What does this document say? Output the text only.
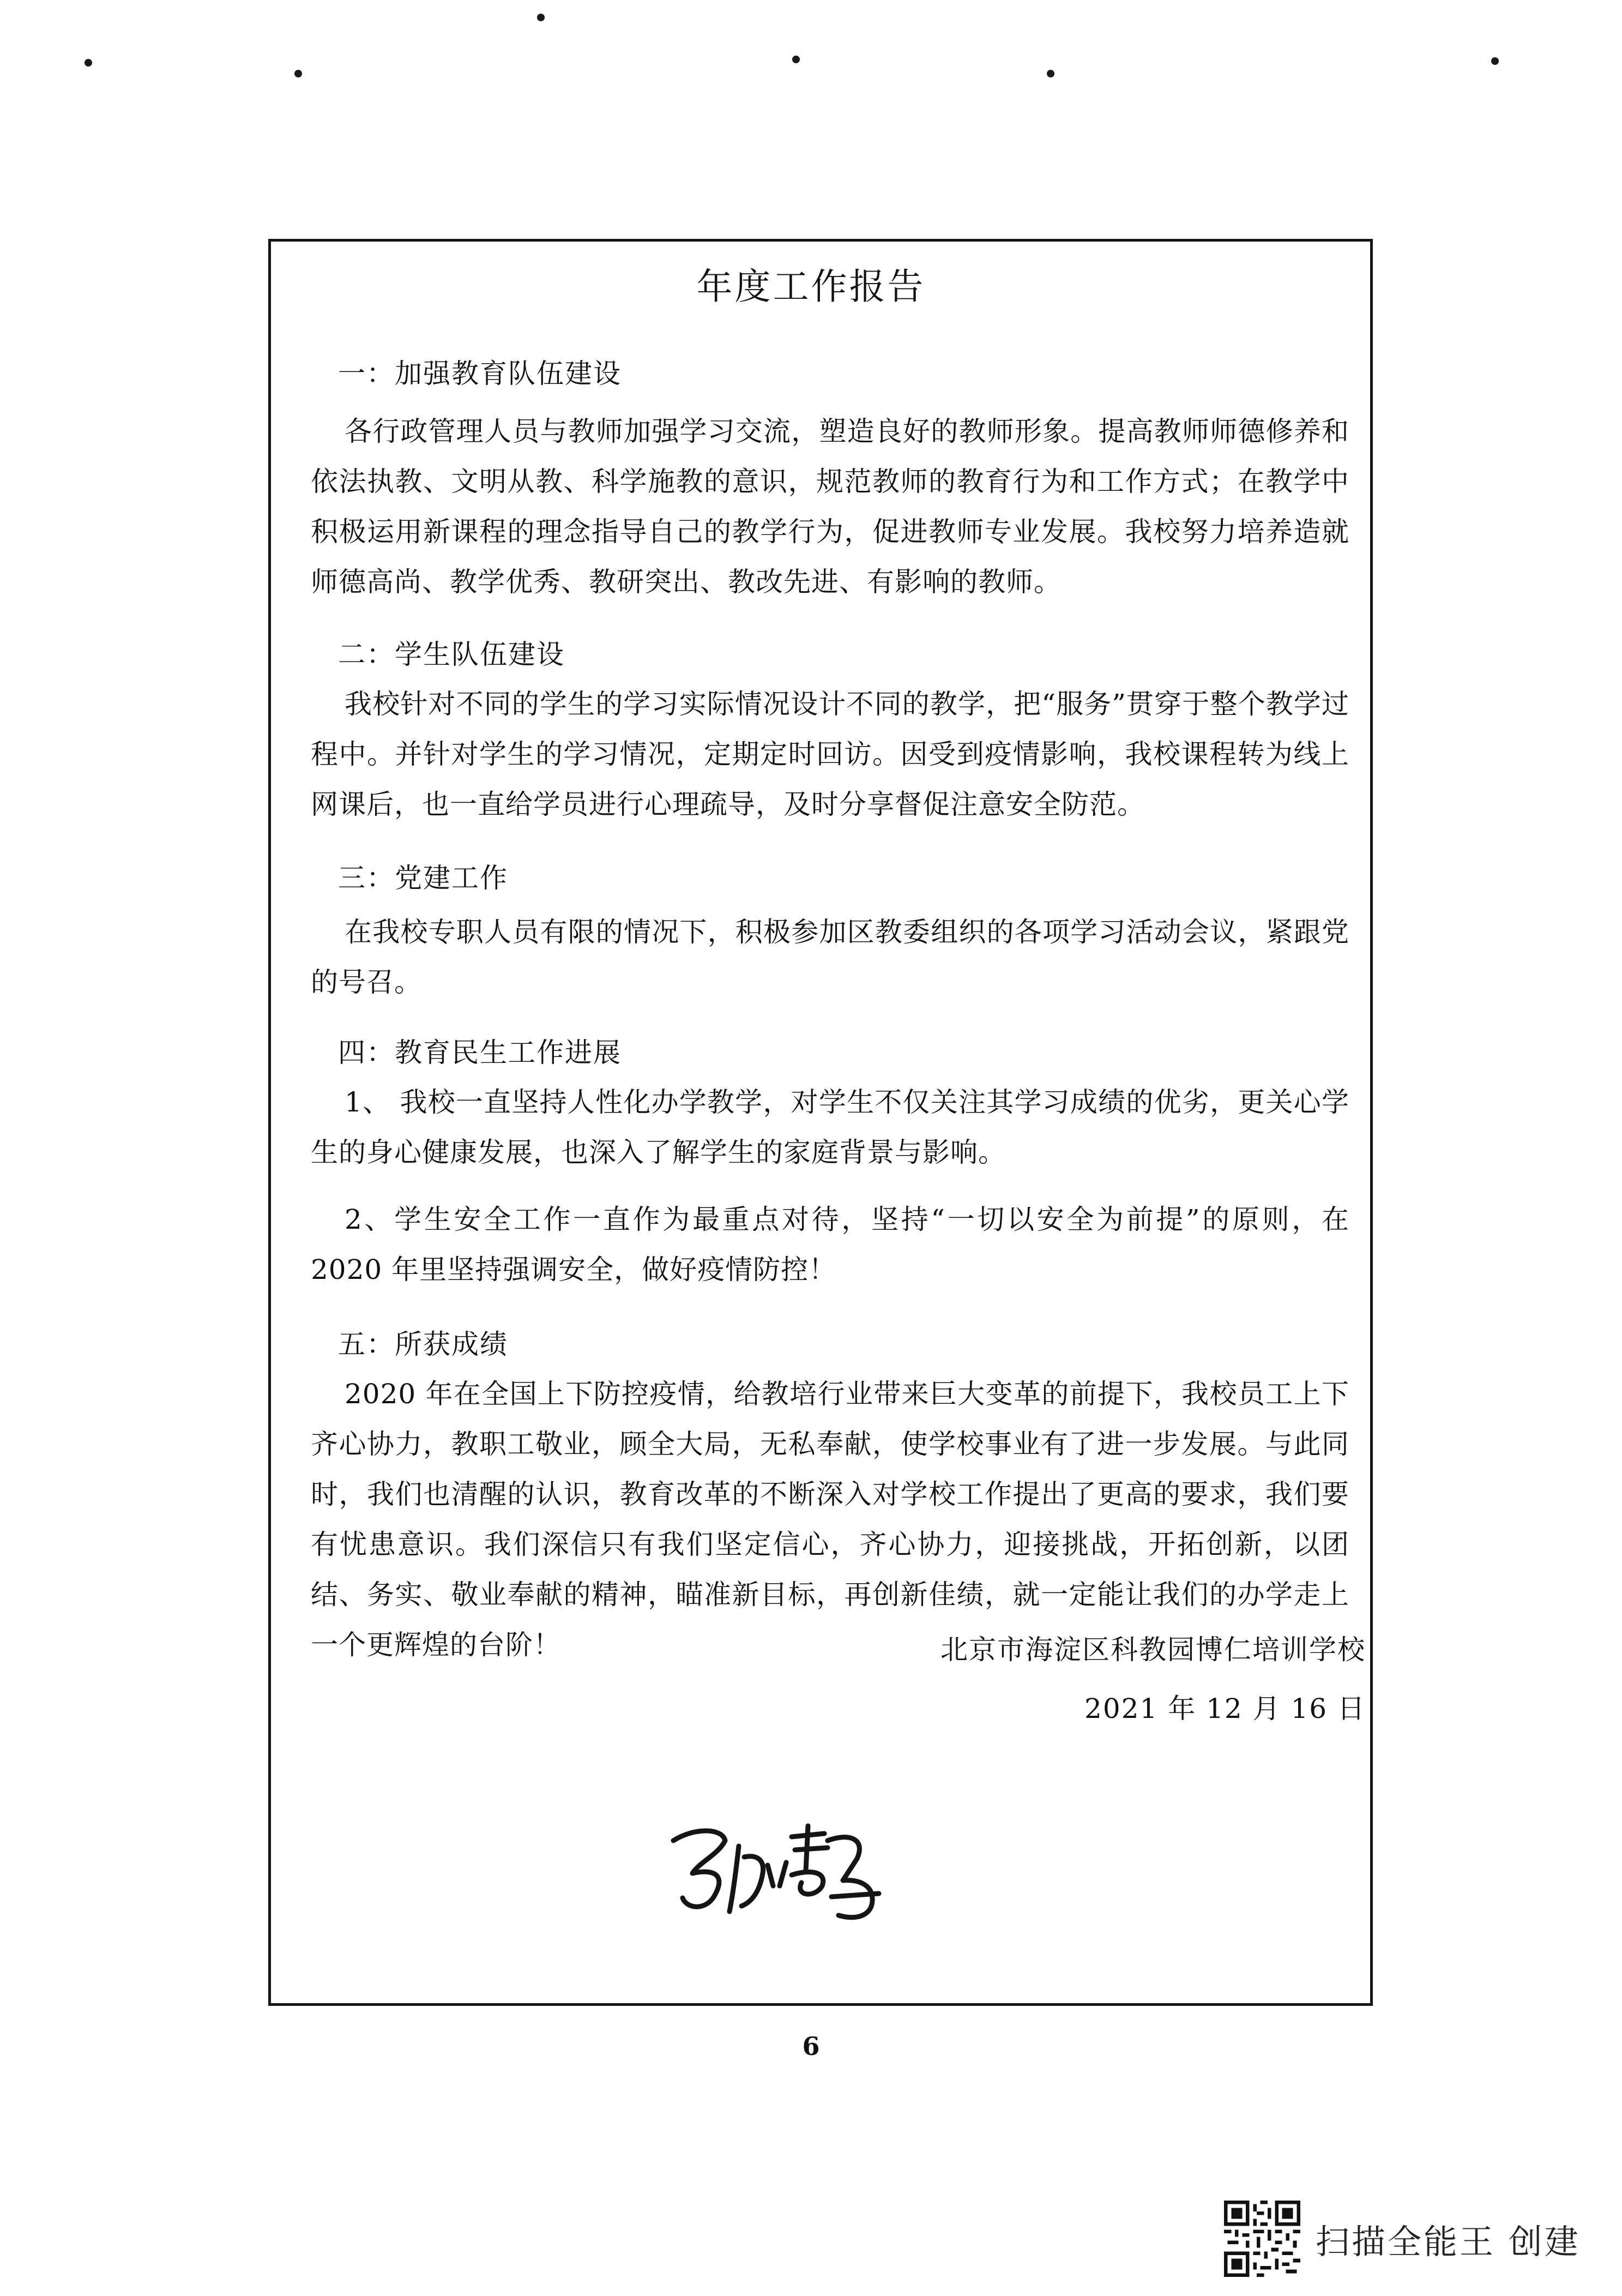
年度工作报告
一：加强教育队伍建设
各行政管理人员与教师加强学习交流，塑造良好的教师形象。提高教师师德修养和依法执教、文明从教、科学施教的意识，规范教师的教育行为和工作方式；在教学中积极运用新课程的理念指导自己的教学行为，促进教师专业发展。我校努力培养造就师德高尚、教学优秀、教研突出、教改先进、有影响的教师。
二：学生队伍建设
我校针对不同的学生的学习实际情况设计不同的教学，把“服务”贯穿于整个教学过程中。并针对学生的学习情况，定期定时回访。因受到疫情影响，我校课程转为线上网课后，也一直给学员进行心理疏导，及时分享督促注意安全防范。
三：党建工作
在我校专职人员有限的情况下，积极参加区教委组织的各项学习活动会议，紧跟党的号召。
四：教育民生工作进展
1、 我校一直坚持人性化办学教学，对学生不仅关注其学习成绩的优劣，更关心学生的身心健康发展，也深入了解学生的家庭背景与影响。
2、学生安全工作一直作为最重点对待，坚持“一切以安全为前提”的原则，在 2020 年里坚持强调安全，做好疫情防控！
五：所获成绩
2020 年在全国上下防控疫情，给教培行业带来巨大变革的前提下，我校员工上下齐心协力，教职工敬业，顾全大局，无私奉献，使学校事业有了进一步发展。与此同时，我们也清醒的认识，教育改革的不断深入对学校工作提出了更高的要求，我们要有忧患意识。我们深信只有我们坚定信心，齐心协力，迎接挑战，开拓创新，以团结、务实、敬业奉献的精神，瞄准新目标，再创新佳绩，就一定能让我们的办学走上一个更辉煌的台阶！	北京市海淀区科教园博仁培训学校
2021 年 12 月 16 日
6
扫描全能王 创建
